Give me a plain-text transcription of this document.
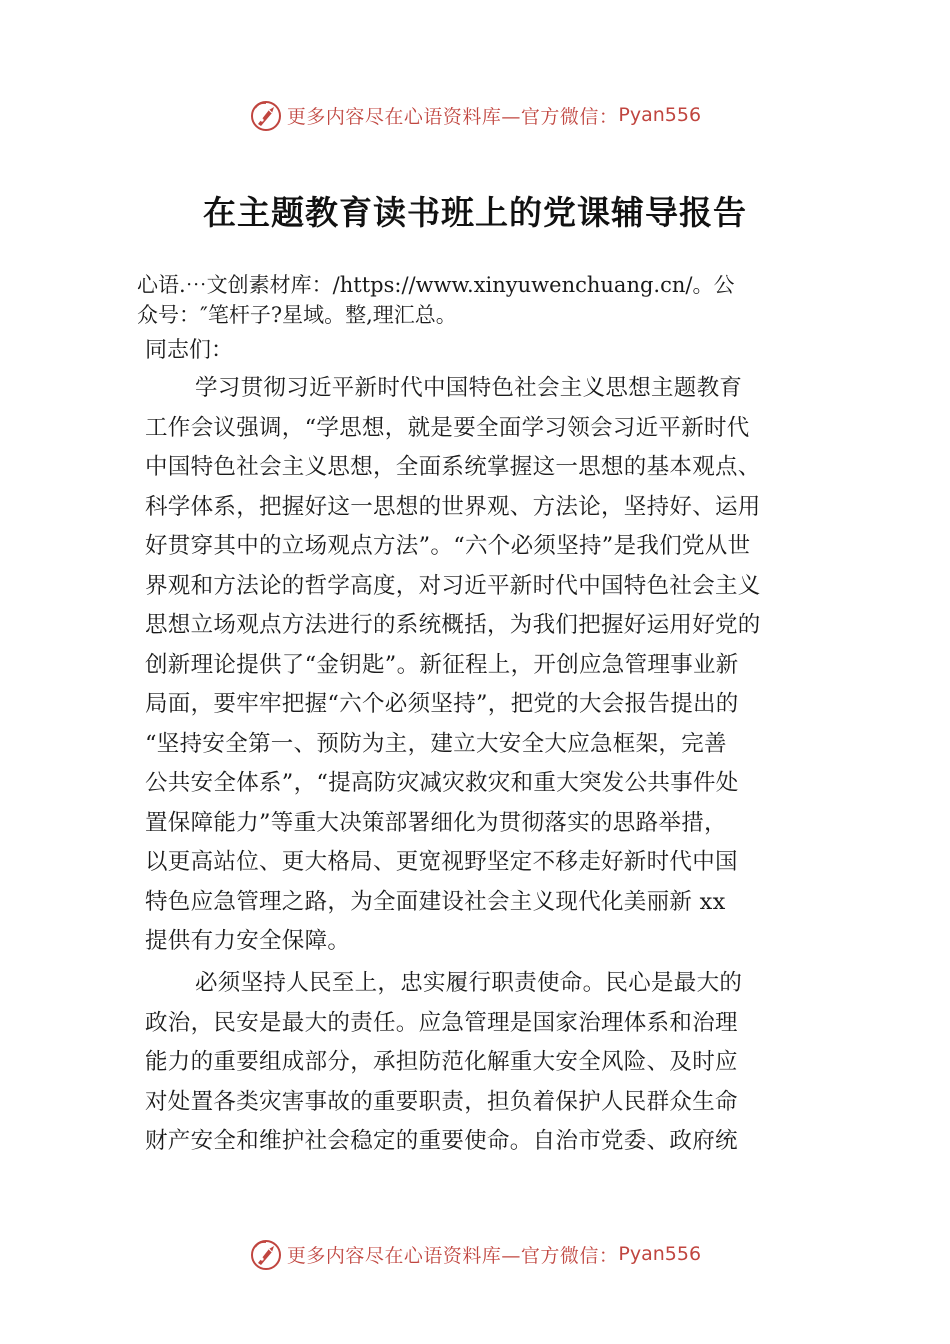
更多内容尽在心语资料库—官方微信： Pyan556
在主题教育读书班上的党课辅导报告
心语.⋯文创素材库：/https://www.xinyuwenchuang.cn/。公
众号：″笔杆子?星域。整,理汇总。
同志们：
学习贯彻习近平新时代中国特色社会主义思想主题教育
工作会议强调，“学思想，就是要全面学习领会习近平新时代
中国特色社会主义思想，全面系统掌握这一思想的基本观点、
科学体系，把握好这一思想的世界观、方法论，坚持好、运用
好贯穿其中的立场观点方法”。“六个必须坚持”是我们党从世
界观和方法论的哲学高度，对习近平新时代中国特色社会主义
思想立场观点方法进行的系统概括，为我们把握好运用好党的
创新理论提供了“金钥匙”。新征程上，开创应急管理事业新
局面，要牢牢把握“六个必须坚持”，把党的大会报告提出的
“坚持安全第一、预防为主，建立大安全大应急框架，完善
公共安全体系”，“提高防灾减灾救灾和重大突发公共事件处
置保障能力”等重大决策部署细化为贯彻落实的思路举措，
以更高站位、更大格局、更宽视野坚定不移走好新时代中国
特色应急管理之路，为全面建设社会主义现代化美丽新 xx
提供有力安全保障。
必须坚持人民至上，忠实履行职责使命。民心是最大的
政治，民安是最大的责任。应急管理是国家治理体系和治理
能力的重要组成部分，承担防范化解重大安全风险、及时应
对处置各类灾害事故的重要职责，担负着保护人民群众生命
财产安全和维护社会稳定的重要使命。自治市党委、政府统
更多内容尽在心语资料库—官方微信： Pyan556
